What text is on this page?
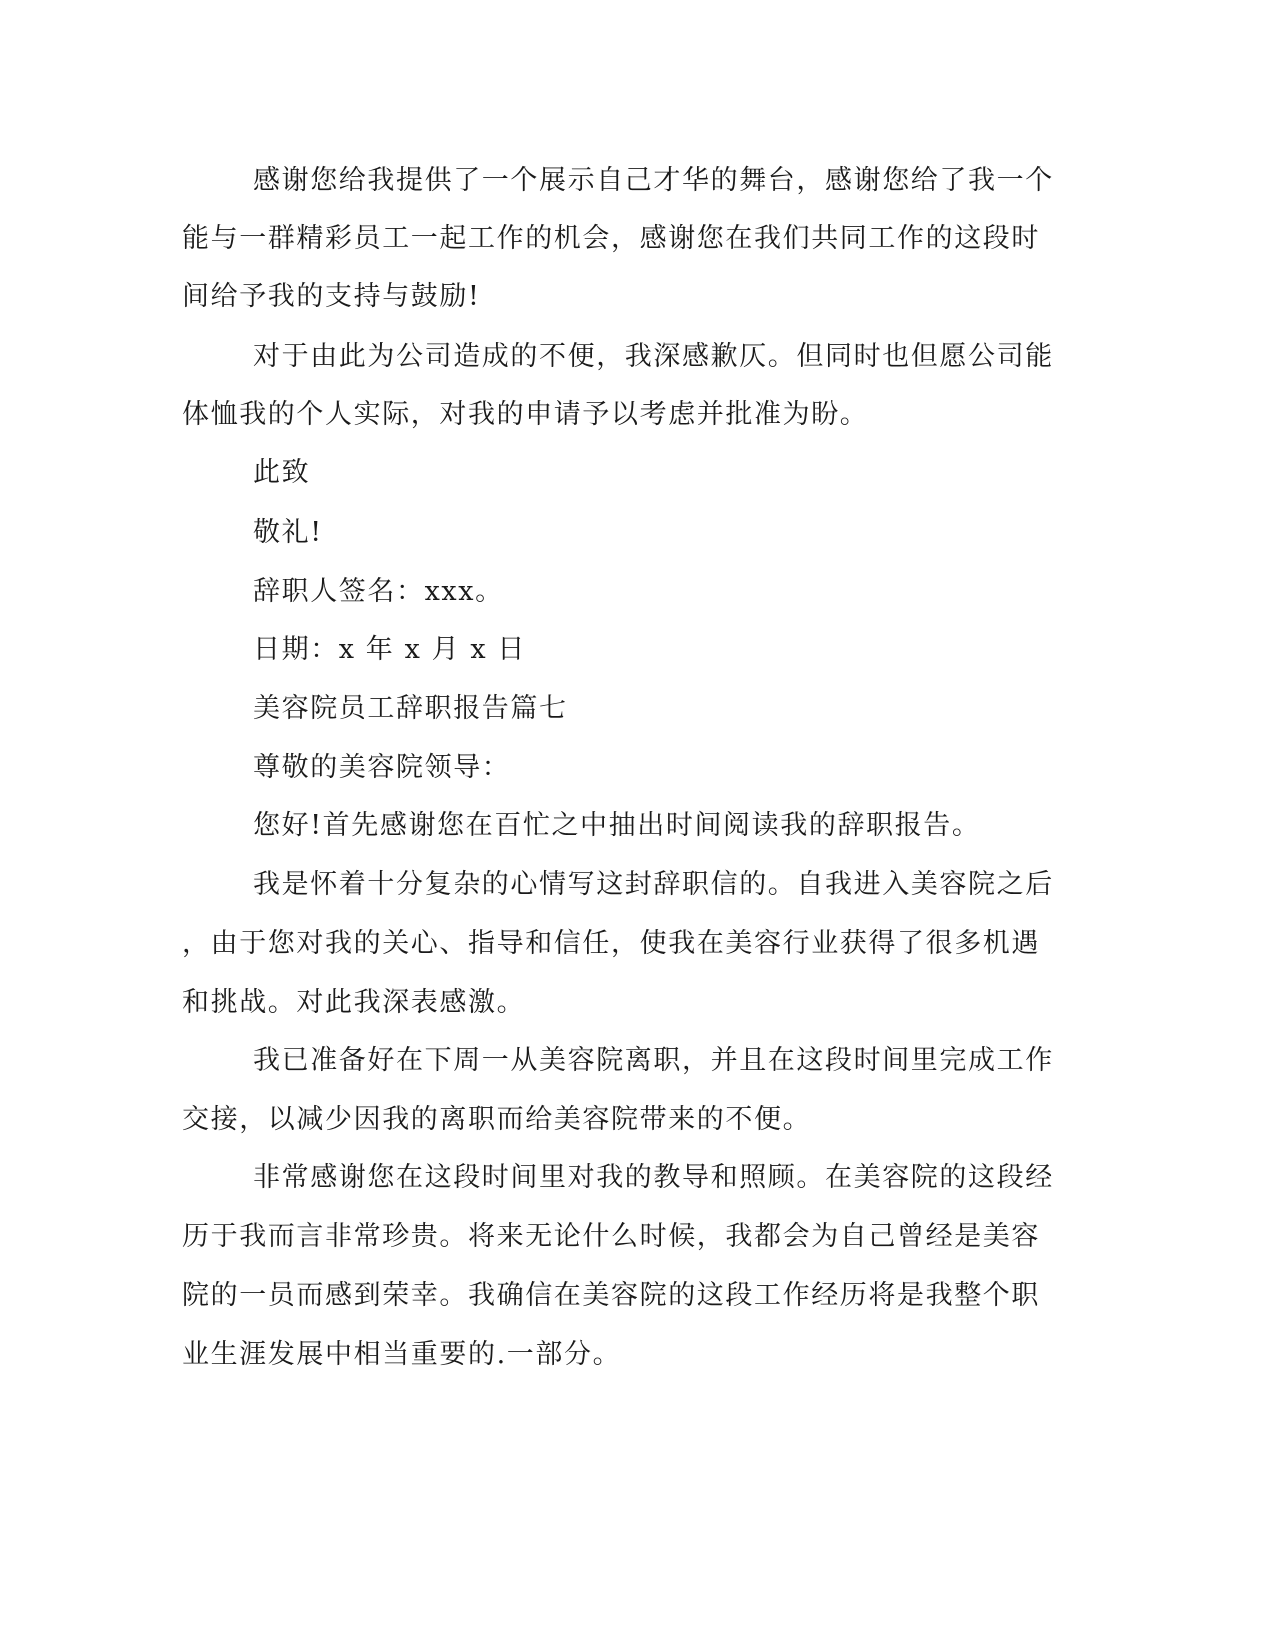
感谢您给我提供了一个展示自己才华的舞台，感谢您给了我一个
能与一群精彩员工一起工作的机会，感谢您在我们共同工作的这段时
间给予我的支持与鼓励!
对于由此为公司造成的不便，我深感歉仄。但同时也但愿公司能
体恤我的个人实际，对我的申请予以考虑并批准为盼。
此致
敬礼!
辞职人签名：xxx。
日期：x 年 x 月 x 日
美容院员工辞职报告篇七
尊敬的美容院领导：
您好!首先感谢您在百忙之中抽出时间阅读我的辞职报告。
我是怀着十分复杂的心情写这封辞职信的。自我进入美容院之后
，由于您对我的关心、指导和信任，使我在美容行业获得了很多机遇
和挑战。对此我深表感激。
我已准备好在下周一从美容院离职，并且在这段时间里完成工作
交接，以减少因我的离职而给美容院带来的不便。
非常感谢您在这段时间里对我的教导和照顾。在美容院的这段经
历于我而言非常珍贵。将来无论什么时候，我都会为自己曾经是美容
院的一员而感到荣幸。我确信在美容院的这段工作经历将是我整个职
业生涯发展中相当重要的.一部分。
